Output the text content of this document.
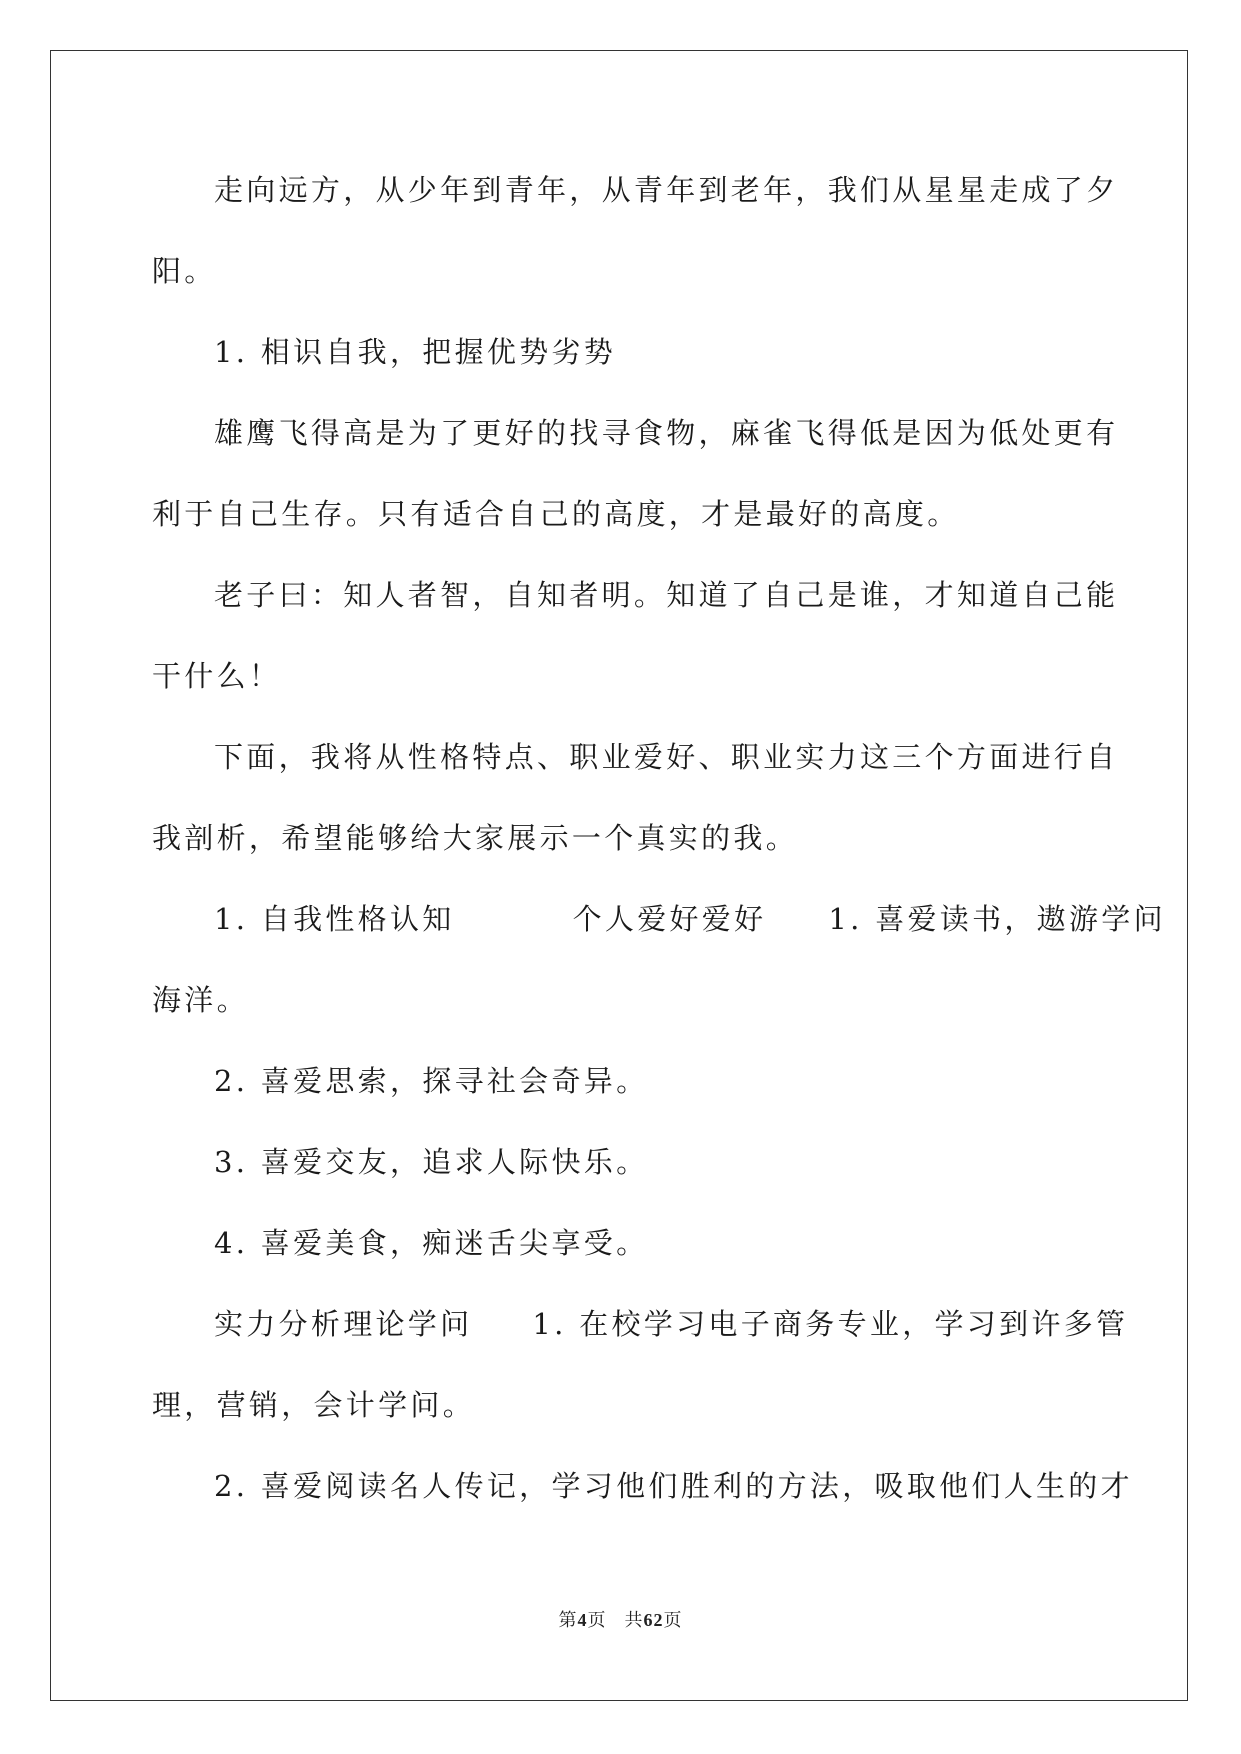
走向远方，从少年到青年，从青年到老年，我们从星星走成了夕
阳。
1. 相识自我，把握优势劣势
雄鹰飞得高是为了更好的找寻食物，麻雀飞得低是因为低处更有
利于自己生存。只有适合自己的高度，才是最好的高度。
老子曰：知人者智，自知者明。知道了自己是谁，才知道自己能
干什么！
下面，我将从性格特点、职业爱好、职业实力这三个方面进行自
我剖析，希望能够给大家展示一个真实的我。
1. 自我性格认知	个人爱好爱好 1. 喜爱读书，遨游学问
海洋。
2. 喜爱思索，探寻社会奇异。
3. 喜爱交友，追求人际快乐。
4. 喜爱美食，痴迷舌尖享受。
实力分析理论学问 1. 在校学习电子商务专业，学习到许多管
理，营销，会计学问。
2. 喜爱阅读名人传记，学习他们胜利的方法，吸取他们人生的才
第4页 共62页
